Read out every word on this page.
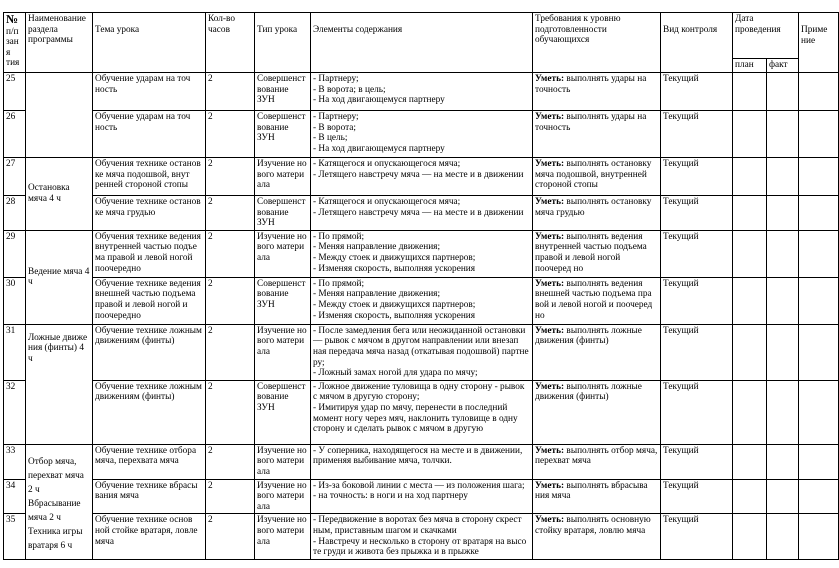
№
п/п
заня
тия	Наименование раздела программы	Тема урока	Кол-во часов	Тип урока	Элементы содержания	Требования к уровню подготовленности обучающихся	Вид контроля	Дата проведения		Приме ние
								план	факт	
25		Обучение ударам на точ ность	2	Совершенст вование ЗУН	- Партнеру;
- В ворота; в цель;
- На ход двигающемуся партнеру	Уметь: выполнять удары на точность	Текущий			
26		Обучение ударам на точ ность	2	Совершенст вование ЗУН	- Партнеру;
- В ворота;
- В цель;
- На ход двигающемуся партнеру	Уметь: выполнять удары на точность	Текущий			
27	Остановка мяча 4 ч	Обучения технике останов ке мяча подошвой, внут ренней стороной стопы	2	Изучение но вого матери ала	- Катящегося и опускающегося мяча;
- Летящего навстречу мяча — на месте и в движении	Уметь: выполнять остановку мяча подошвой, внутренней стороной стопы	Текущий			
28		Обучение технике останов ке мяча грудью	2	Совершенст вование ЗУН	- Катящегося и опускающегося мяча;
- Летящего навстречу мяча — на месте и в движении	Уметь: выполнять остановку мяча грудью	Текущий			
29	Ведение мяча 4 ч	Обучения технике ведения внутренней частью подъе ма правой и левой ногой поочередно	2	Изучение но вого матери ала	- По прямой;
- Меняя направление движения;
- Между стоек и движущихся партнеров;
- Изменяя скорость, выполняя ускорения	Уметь: выполнять ведения внутренней частью подъема правой и левой ногой поочеред но	Текущий			
30		Обучение технике ведения внешней частью подъема правой и левой ногой и поочередно	2	Совершенст вование ЗУН	- По прямой;
- Меняя направление движения;
- Между стоек и движущихся партнеров;
- Изменяя скорость, выполняя ускорения	Уметь: выполнять ведения внешней частью подъема пра вой и левой ногой и поочеред но	Текущий			
31	Ложные движе ния (финты) 4 ч	Обучение технике ложным движениям (финты)	2	Изучение но вого матери ала	- После замедления бега или неожиданной остановки — рывок с мячом в другом направлении или внезап ная передача мяча назад (откатывая подошвой) партне ру;
- Ложный замах ногой для удара по мячу;	Уметь: выполнять ложные движения (финты)	Текущий			
32		Обучение технике ложным движениям (финты)	2	Совершенст вование ЗУН	- Ложное движение туловища в одну сторону - рывок с мячом в другую сторону;
- Имитируя удар по мячу, перенести в последний момент ногу через мяч, наклонить туловище в одну сторону и сделать рывок с мячом в другую	Уметь: выполнять ложные движения (финты)	Текущий			
33	Отбор мяча, перехват мяча 2 ч Вбрасывание мяча 2 ч Техника игры вратаря 6 ч	Обучение технике отбора мяча, перехвата мяча	2	Изучение но вого матери ала	- У соперника, находящегося на месте и в движении, применяя выбивание мяча, толчки.	Уметь: выполнять отбор мяча, перехват мяча	Текущий			
34		Обучение технике вбрасы вания мяча	2	Изучение но вого матери ала	- Из-за боковой линии с места — из положения шага; - на точность: в ноги и на ход партнеру	Уметь: выполнять вбрасыва ния мяча	Текущий			
35		Обучение технике основ ной стойке вратаря, ловле мяча	2	Изучение но вого матери ала	- Передвижение в воротах без мяча в сторону скрест ным, приставным шагом и скачками
- Навстречу и несколько в сторону от вратаря на высо те груди и живота без прыжка и в прыжке	Уметь: выполнять основную стойку вратаря, ловлю мяча	Текущий			
